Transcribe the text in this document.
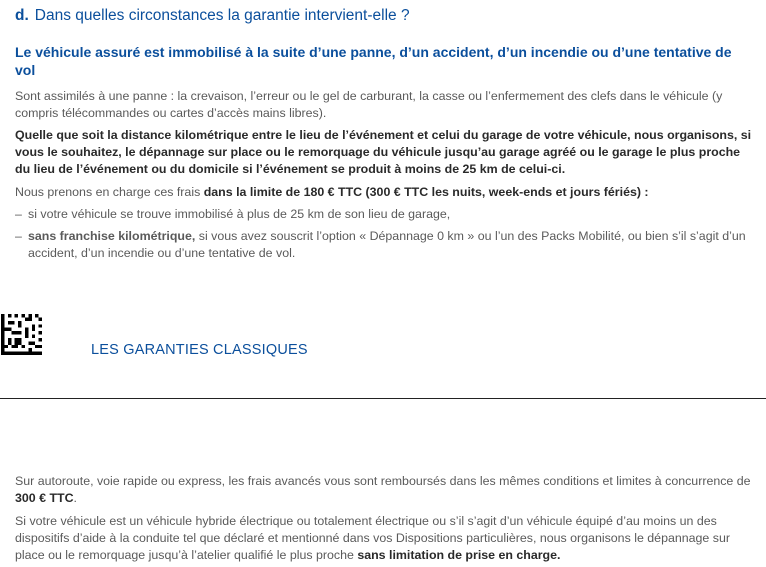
d. Dans quelles circonstances la garantie intervient-elle ?
Le véhicule assuré est immobilisé à la suite d’une panne, d’un accident, d’un incendie ou d’une tentative de vol
Sont assimilés à une panne : la crevaison, l’erreur ou le gel de carburant, la casse ou l’enfermement des clefs dans le véhicule (y compris télécommandes ou cartes d’accès mains libres).
Quelle que soit la distance kilométrique entre le lieu de l’événement et celui du garage de votre véhicule, nous organisons, si vous le souhaitez, le dépannage sur place ou le remorquage du véhicule jusqu’au garage agréé ou le garage le plus proche du lieu de l’événement ou du domicile si l’événement se produit à moins de 25 km de celui-ci.
Nous prenons en charge ces frais dans la limite de 180 € TTC (300 € TTC les nuits, week-ends et jours fériés) :
– si votre véhicule se trouve immobilisé à plus de 25 km de son lieu de garage,
– sans franchise kilométrique, si vous avez souscrit l’option « Dépannage 0 km » ou l’un des Packs Mobilité, ou bien s’il s’agit d’un accident, d’un incendie ou d’une tentative de vol.
LES GARANTIES CLASSIQUES
Sur autoroute, voie rapide ou express, les frais avancés vous sont remboursés dans les mêmes conditions et limites à concurrence de 300 € TTC.
Si votre véhicule est un véhicule hybride électrique ou totalement électrique ou s’il s’agit d’un véhicule équipé d’au moins un des dispositifs d’aide à la conduite tel que déclaré et mentionné dans vos Dispositions particulières, nous organisons le dépannage sur place ou le remorquage jusqu’à l’atelier qualifié le plus proche sans limitation de prise en charge.
